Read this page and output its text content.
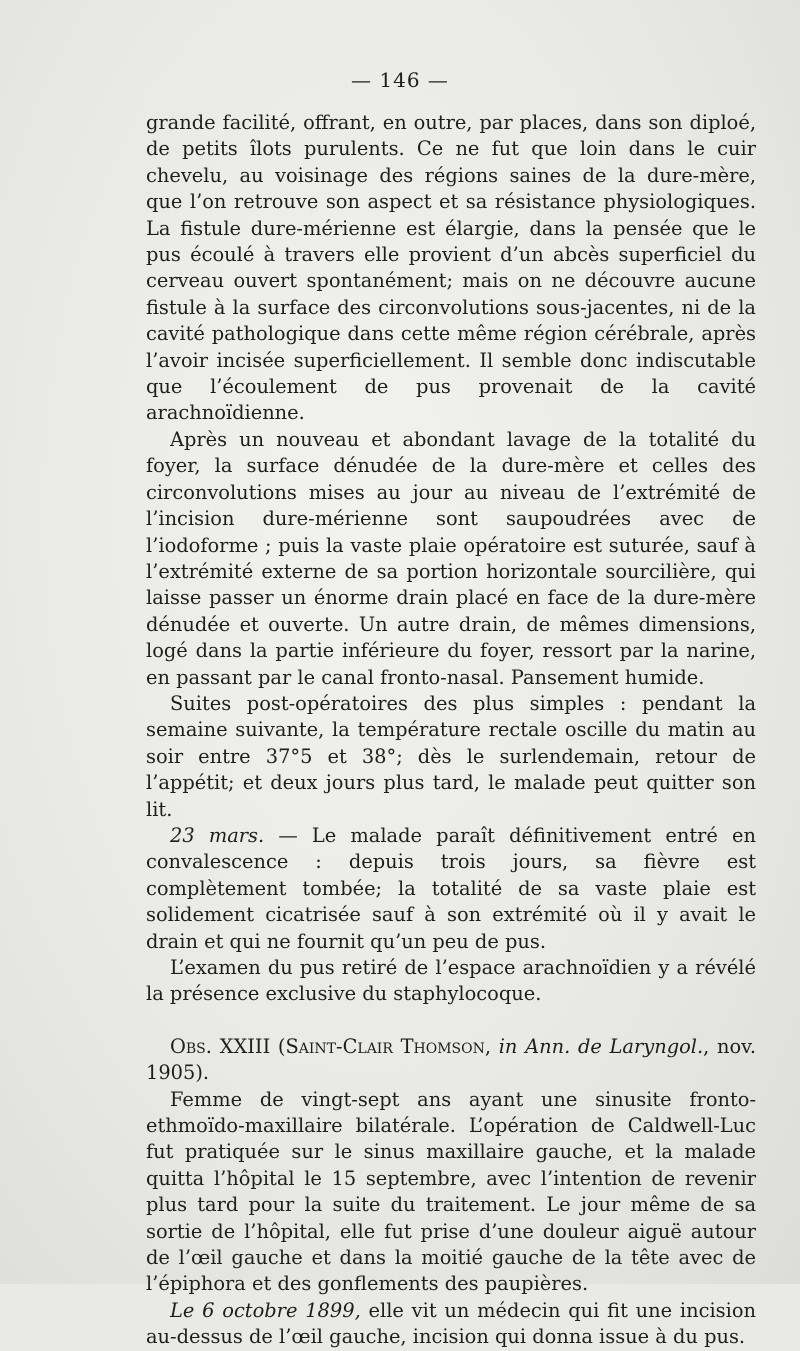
— 146 —

grande facilité, offrant, en outre, par places, dans son diploé, de petits îlots purulents. Ce ne fut que loin dans le cuir chevelu, au voisinage des régions saines de la dure-mère, que l’on retrouve son aspect et sa résistance physiologiques. La fistule dure-mérienne est élargie, dans la pensée que le pus écoulé à travers elle provient d’un abcès superficiel du cerveau ouvert spontanément; mais on ne découvre aucune fistule à la surface des circonvolutions sous-jacentes, ni de la cavité pathologique dans cette même région cérébrale, après l’avoir incisée superficiellement. Il semble donc indiscutable que l’écoulement de pus provenait de la cavité arachnoïdienne.

Après un nouveau et abondant lavage de la totalité du foyer, la surface dénudée de la dure-mère et celles des circonvolutions mises au jour au niveau de l’extrémité de l’incision dure-mérienne sont saupoudrées avec de l’iodoforme ; puis la vaste plaie opératoire est suturée, sauf à l’extrémité externe de sa portion horizontale sourcilière, qui laisse passer un énorme drain placé en face de la dure-mère dénudée et ouverte. Un autre drain, de mêmes dimensions, logé dans la partie inférieure du foyer, ressort par la narine, en passant par le canal fronto-nasal. Pansement humide.

Suites post-opératoires des plus simples : pendant la semaine suivante, la température rectale oscille du matin au soir entre 37°5 et 38°; dès le surlendemain, retour de l’appétit; et deux jours plus tard, le malade peut quitter son lit.

23 mars. — Le malade paraît définitivement entré en convalescence : depuis trois jours, sa fièvre est complètement tombée; la totalité de sa vaste plaie est solidement cicatrisée sauf à son extrémité où il y avait le drain et qui ne fournit qu’un peu de pus.

L’examen du pus retiré de l’espace arachnoïdien y a révélé la présence exclusive du staphylocoque.

Obs. XXIII (Saint-Clair Thomson, in Ann. de Laryngol., nov. 1905).

Femme de vingt-sept ans ayant une sinusite fronto-ethmoïdo-maxillaire bilatérale. L’opération de Caldwell-Luc fut pratiquée sur le sinus maxillaire gauche, et la malade quitta l’hôpital le 15 septembre, avec l’intention de revenir plus tard pour la suite du traitement. Le jour même de sa sortie de l’hôpital, elle fut prise d’une douleur aiguë autour de l’œil gauche et dans la moitié gauche de la tête avec de l’épiphora et des gonflements des paupières.

Le 6 octobre 1899, elle vit un médecin qui fit une incision au-dessus de l’œil gauche, incision qui donna issue à du pus.
